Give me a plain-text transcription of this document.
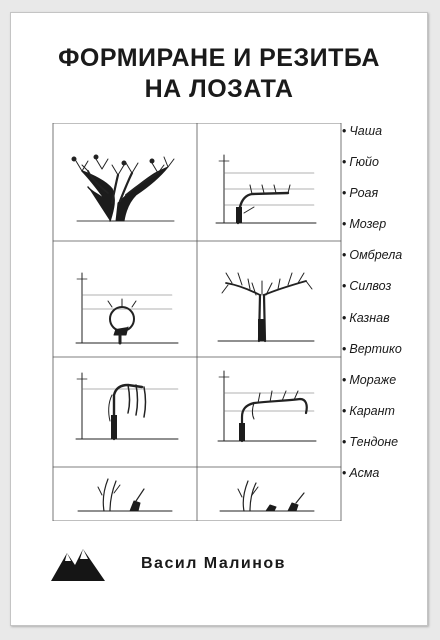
ФОРМИРАНЕ И РЕЗИТБА
НА ЛОЗАТА
• Чаша
• Гюйо
• Роая
• Мозер
• Омбрела
• Силвоз
• Казнав
• Вертико
• Мораже
• Карант
• Тендоне
• Асма
Васил Малинов
